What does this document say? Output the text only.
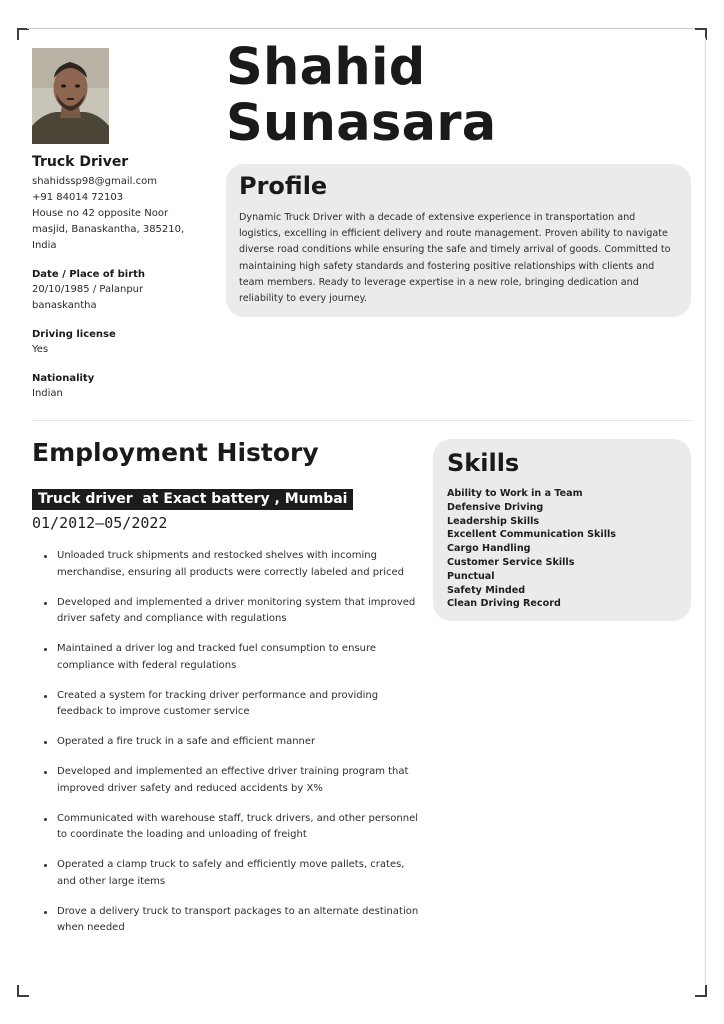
Shahid
Sunasara
Truck Driver
shahidssp98@gmail.com
+91 84014 72103
House no 42 opposite Noor
masjid, Banaskantha, 385210,
India
Date / Place of birth
20/10/1985 / Palanpur
banaskantha
Driving license
Yes
Nationality
Indian
Profile

Dynamic Truck Driver with a decade of extensive experience in transportation and logistics, excelling in efficient delivery and route management. Proven ability to navigate diverse road conditions while ensuring the safe and timely arrival of goods. Committed to maintaining high safety standards and fostering positive relationships with clients and team members. Ready to leverage expertise in a new role, bringing dedication and reliability to every journey.

Employment History
Truck driver  at Exact battery , Mumbai
01/2012—05/2022
Unloaded truck shipments and restocked shelves with incoming merchandise, ensuring all products were correctly labeled and priced
Developed and implemented a driver monitoring system that improved driver safety and compliance with regulations
Maintained a driver log and tracked fuel consumption to ensure compliance with federal regulations
Created a system for tracking driver performance and providing feedback to improve customer service
Operated a fire truck in a safe and efficient manner
Developed and implemented an effective driver training program that improved driver safety and reduced accidents by X%
Communicated with warehouse staff, truck drivers, and other personnel to coordinate the loading and unloading of freight
Operated a clamp truck to safely and efficiently move pallets, crates, and other large items
Drove a delivery truck to transport packages to an alternate destination when needed
Skills
Ability to Work in a Team
Defensive Driving
Leadership Skills
Excellent Communication Skills
Cargo Handling
Customer Service Skills
Punctual
Safety Minded
Clean Driving Record
